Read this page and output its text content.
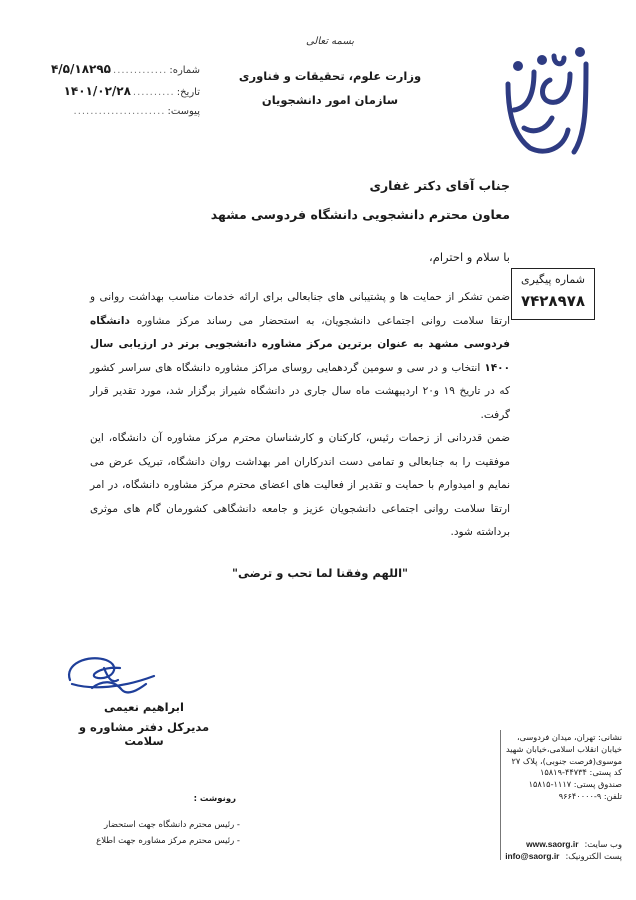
بسمه تعالی
وزارت علوم، تحقیقات و فناوری
سازمان امور دانشجویان
شماره:
.............
۴/۵/۱۸۲۹۵
تاریخ:
..........
۱۴۰۱/۰۲/۲۸
پیوست:
......................
جناب آقای دکتر غفاری
معاون محترم دانشجویی دانشگاه فردوسی مشهد
با سلام و احترام،
شماره پیگیری
۷۴۲۸۹۷۸

ضمن تشکر از حمایت ها و پشتیبانی های جنابعالی برای ارائه خدمات مناسب بهداشت روانی و ارتقا سلامت روانی اجتماعی دانشجویان، به استحضار می رساند مرکز مشاوره دانشگاه فردوسی مشهد به عنوان برترین مرکز مشاوره دانشجویی برتر در ارزیابی سال ۱۴۰۰ انتخاب و در سی و سومین گردهمایی روسای مراکز مشاوره دانشگاه های سراسر کشور که در تاریخ ۱۹ و۲۰ اردیبهشت ماه سال جاری در دانشگاه شیراز برگزار شد، مورد تقدیر قرار گرفت.

ضمن قدردانی از زحمات رئیس، کارکنان و کارشناسان محترم مرکز مشاوره آن دانشگاه، این موفقیت را به جنابعالی و تمامی دست اندرکاران امر بهداشت روان دانشگاه، تبریک عرض می نمایم و امیدوارم با حمایت و تقدیر از فعالیت های اعضای محترم مرکز مشاوره دانشگاه، در امر ارتقا سلامت روانی اجتماعی دانشجویان عزیز و جامعه دانشگاهی کشورمان گام های موثری برداشته شود.

"اللهم وفقنا لما تحب و ترضی"
ابراهیم نعیمی
مدیرکل دفتر مشاوره و سلامت
رونوشت :
- رئیس محترم دانشگاه جهت استحضار
- رئیس محترم مرکز مشاوره جهت اطلاع
نشانی: تهران، میدان فردوسی،
خیابان انقلاب اسلامی،خیابان شهید
موسوی(فرصت جنوبی)، پلاک ۲۷
کد پستی: ۴۴۷۳۴-۱۵۸۱۹
صندوق پستی: ۱۱۱۷-۱۵۸۱۵
تلفن: ۹-۹۶۶۴۰۰۰۰
وب سایت:
www.saorg.ir
پست الکترونیک:
info@saorg.ir
